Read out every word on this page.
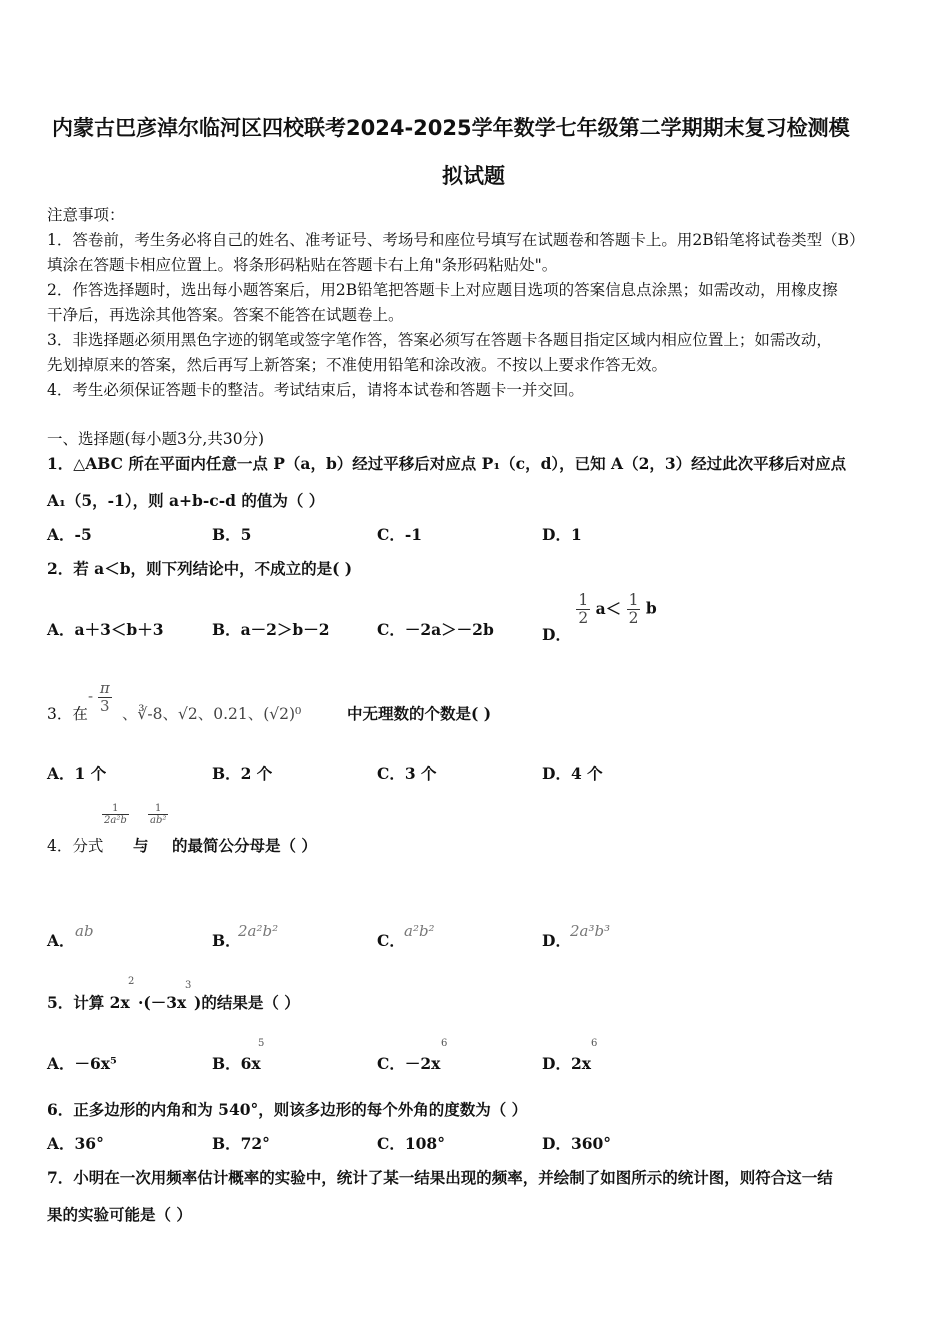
内蒙古巴彦淖尔临河区四校联考2024-2025学年数学七年级第二学期期末复习检测模
拟试题
注意事项：
1．答卷前，考生务必将自己的姓名、准考证号、考场号和座位号填写在试题卷和答题卡上。用2B铅笔将试卷类型（B）
填涂在答题卡相应位置上。将条形码粘贴在答题卡右上角"条形码粘贴处"。
2．作答选择题时，选出每小题答案后，用2B铅笔把答题卡上对应题目选项的答案信息点涂黑；如需改动，用橡皮擦
干净后，再选涂其他答案。答案不能答在试题卷上。
3．非选择题必须用黑色字迹的钢笔或签字笔作答，答案必须写在答题卡各题目指定区域内相应位置上；如需改动，
先划掉原来的答案，然后再写上新答案；不准使用铅笔和涂改液。不按以上要求作答无效。
4．考生必须保证答题卡的整洁。考试结束后，请将本试卷和答题卡一并交回。
一、选择题(每小题3分,共30分)
1．△ABC 所在平面内任意一点 P（a，b）经过平移后对应点 P₁（c，d），已知 A（2，3）经过此次平移后对应点
A₁（5，-1），则 a+b-c-d 的值为（ ）
A．-5	B．5	C．-1	D．1
2．若 a＜b，则下列结论中，不成立的是( )
A．a＋3＜b＋3	B．a－2＞b－2	C．－2a＞－2b	D．
$\frac{1}{2} a< \frac{1}{2}$ b
3．在
- $\frac{\pi}{3}$ 、∛-8、√2、0.21、(√2)⁰	中无理数的个数是( )
A．1 个	B．2 个	C．3 个	D．4 个
4．分式
$\frac{1}{\text{2a²b}}$
与
$\frac{1}{\text{ab²}}$
的最简公分母是（ ）
A． ab	B．
2a²b²	C． a²b²	D． 2a³b³
5．计算 2x
2
·(－3x
3
)的结果是（ ）
A．－6x⁵	B．6x
5
C．－2x
6
D．2x
6
6．正多边形的内角和为 540°，则该多边形的每个外角的度数为（ ）
A．36°	B．72°	C．108°	D．360°
7．小明在一次用频率估计概率的实验中，统计了某一结果出现的频率，并绘制了如图所示的统计图，则符合这一结
果的实验可能是（ ）
